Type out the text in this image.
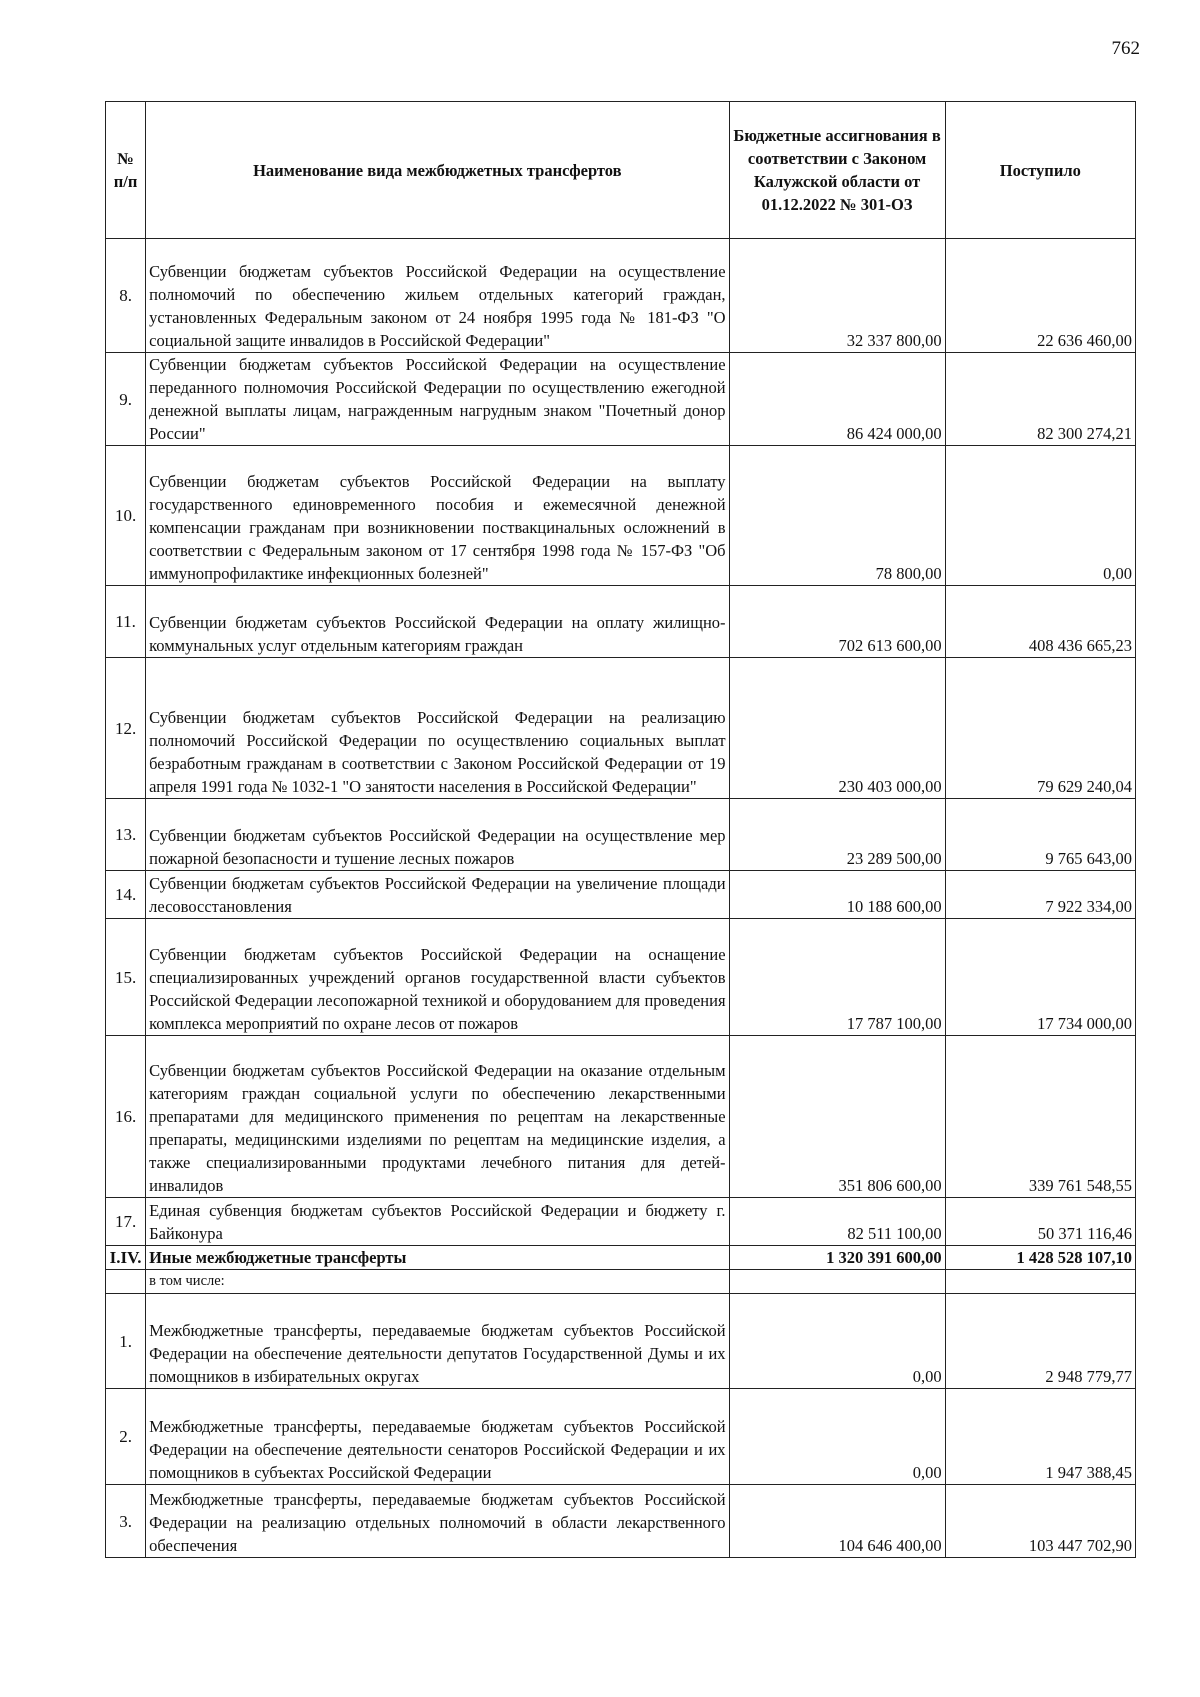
762
№ п/п	Наименование вида межбюджетных трансфертов	Бюджетные ассигнования в соответствии с Законом Калужской области от 01.12.2022 № 301-ОЗ	Поступило
8.	Субвенции бюджетам субъектов Российской Федерации на осуществление полномочий по обеспечению жильем отдельных категорий граждан, установленных Федеральным законом от 24 ноября 1995 года № 181-ФЗ "О социальной защите инвалидов в Российской Федерации"	32 337 800,00	22 636 460,00
9.	Субвенции бюджетам субъектов Российской Федерации на осуществление переданного полномочия Российской Федерации по осуществлению ежегодной денежной выплаты лицам, награжденным нагрудным знаком "Почетный донор России"	86 424 000,00	82 300 274,21
10.	Субвенции бюджетам субъектов Российской Федерации на выплату государственного единовременного пособия и ежемесячной денежной компенсации гражданам при возникновении поствакцинальных осложнений в соответствии с Федеральным законом от 17 сентября 1998 года № 157-ФЗ "Об иммунопрофилактике инфекционных болезней"	78 800,00	0,00
11.	Субвенции бюджетам субъектов Российской Федерации на оплату жилищно-коммунальных услуг отдельным категориям граждан	702 613 600,00	408 436 665,23
12.	Субвенции бюджетам субъектов Российской Федерации на реализацию полномочий Российской Федерации по осуществлению социальных выплат безработным гражданам в соответствии с Законом Российской Федерации от 19 апреля 1991 года № 1032-1 "О занятости населения в Российской Федерации"	230 403 000,00	79 629 240,04
13.	Субвенции бюджетам субъектов Российской Федерации на осуществление мер пожарной безопасности и тушение лесных пожаров	23 289 500,00	9 765 643,00
14.	Субвенции бюджетам субъектов Российской Федерации на увеличение площади лесовосстановления	10 188 600,00	7 922 334,00
15.	Субвенции бюджетам субъектов Российской Федерации на оснащение специализированных учреждений органов государственной власти субъектов Российской Федерации лесопожарной техникой и оборудованием для проведения комплекса мероприятий по охране лесов от пожаров	17 787 100,00	17 734 000,00
16.	Субвенции бюджетам субъектов Российской Федерации на оказание отдельным категориям граждан социальной услуги по обеспечению лекарственными препаратами для медицинского применения по рецептам на лекарственные препараты, медицинскими изделиями по рецептам на медицинские изделия, а также специализированными продуктами лечебного питания для детей-инвалидов	351 806 600,00	339 761 548,55
17.	Единая субвенция бюджетам субъектов Российской Федерации и бюджету г. Байконура	82 511 100,00	50 371 116,46
I.IV.	Иные межбюджетные трансферты	1 320 391 600,00	1 428 528 107,10
	в том числе:		
1.	Межбюджетные трансферты, передаваемые бюджетам субъектов Российской Федерации на обеспечение деятельности депутатов Государственной Думы и их помощников в избирательных округах	0,00	2 948 779,77
2.	Межбюджетные трансферты, передаваемые бюджетам субъектов Российской Федерации на обеспечение деятельности сенаторов Российской Федерации и их помощников в субъектах Российской Федерации	0,00	1 947 388,45
3.	Межбюджетные трансферты, передаваемые бюджетам субъектов Российской Федерации на реализацию отдельных полномочий в области лекарственного обеспечения	104 646 400,00	103 447 702,90
